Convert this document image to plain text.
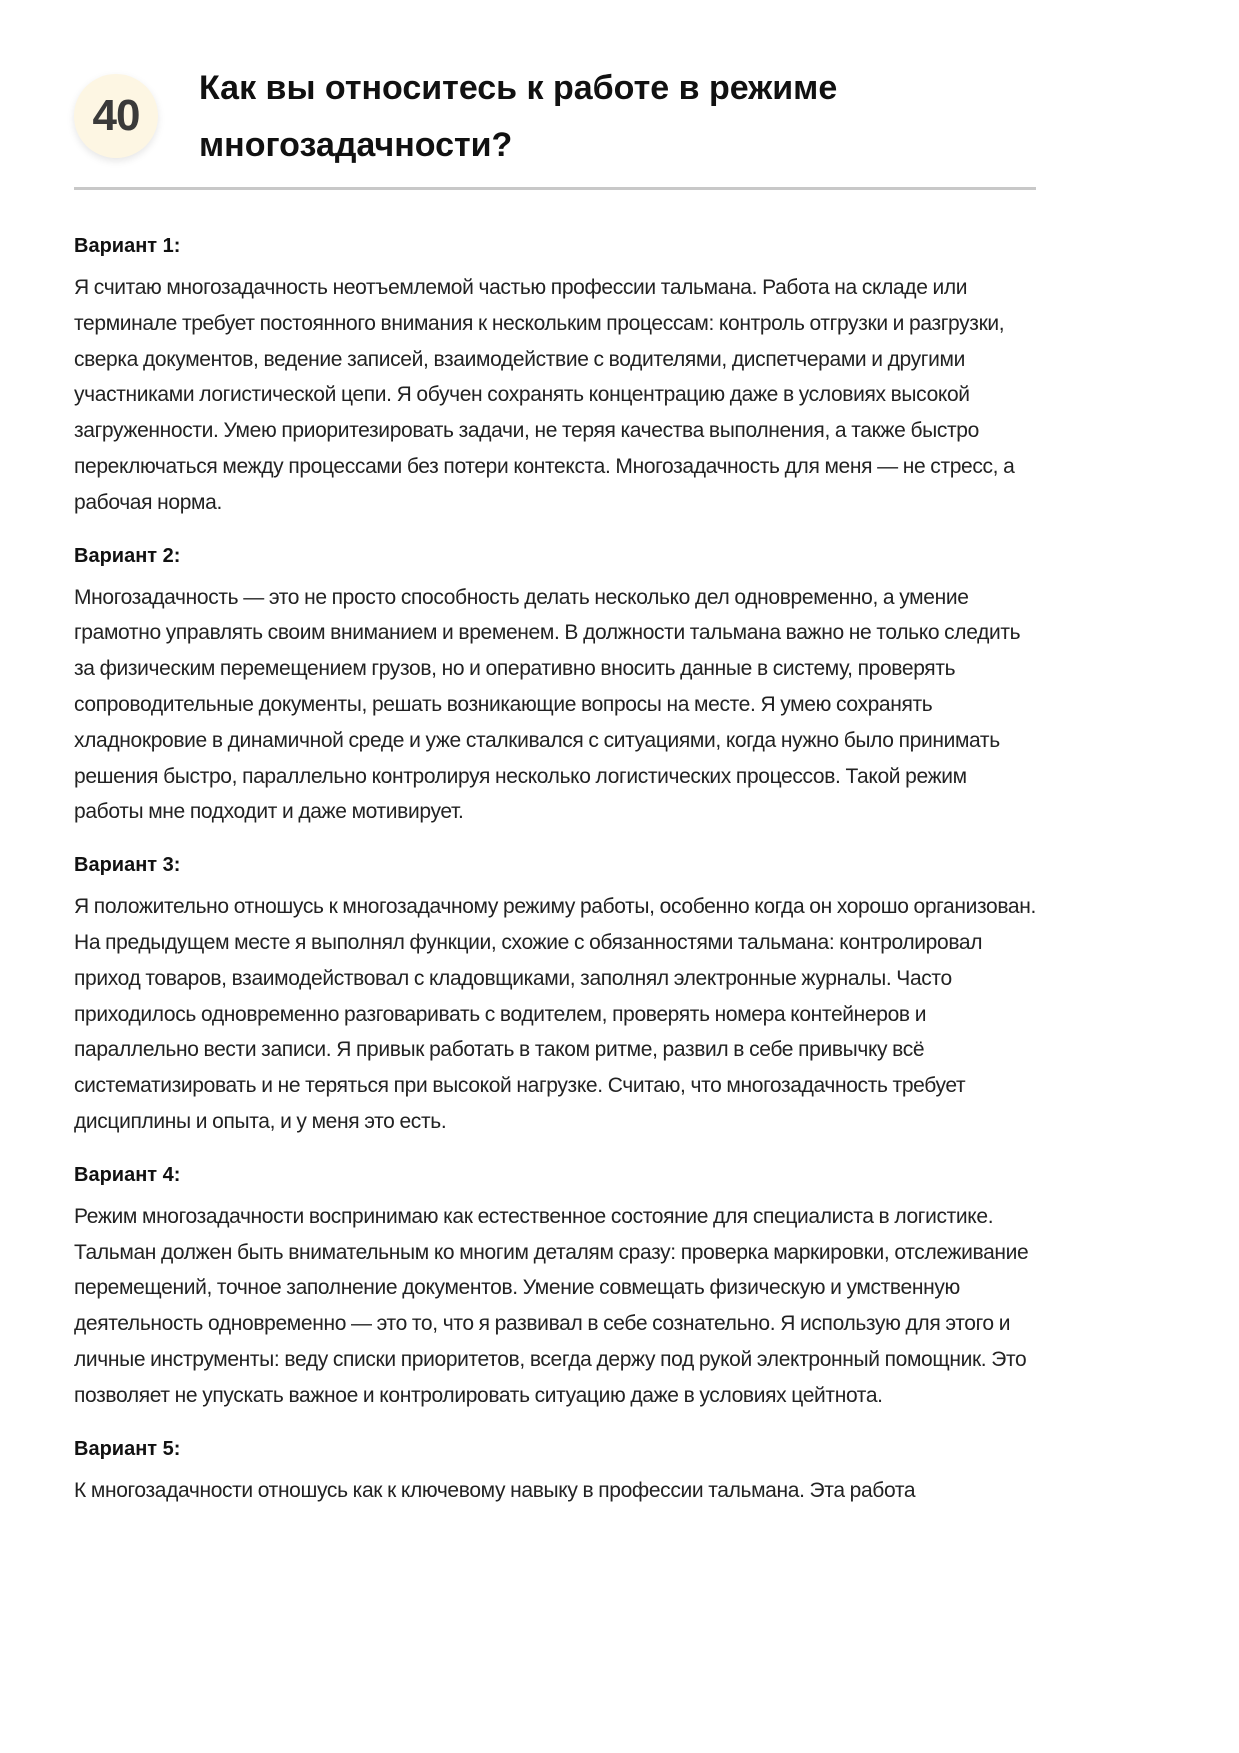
40
Как вы относитесь к работе в режиме многозадачности?

Вариант 1:

Я считаю многозадачность неотъемлемой частью профессии тальмана. Работа на складе или терминале требует постоянного внимания к нескольким процессам: контроль отгрузки и разгрузки, сверка документов, ведение записей, взаимодействие с водителями, диспетчерами и другими участниками логистической цепи. Я обучен сохранять концентрацию даже в условиях высокой загруженности. Умею приоритезировать задачи, не теряя качества выполнения, а также быстро переключаться между процессами без потери контекста. Многозадачность для меня — не стресс, а рабочая норма.

Вариант 2:

Многозадачность — это не просто способность делать несколько дел одновременно, а умение грамотно управлять своим вниманием и временем. В должности тальмана важно не только следить за физическим перемещением грузов, но и оперативно вносить данные в систему, проверять сопроводительные документы, решать возникающие вопросы на месте. Я умею сохранять хладнокровие в динамичной среде и уже сталкивался с ситуациями, когда нужно было принимать решения быстро, параллельно контролируя несколько логистических процессов. Такой режим работы мне подходит и даже мотивирует.

Вариант 3:

Я положительно отношусь к многозадачному режиму работы, особенно когда он хорошо организован. На предыдущем месте я выполнял функции, схожие с обязанностями тальмана: контролировал приход товаров, взаимодействовал с кладовщиками, заполнял электронные журналы. Часто приходилось одновременно разговаривать с водителем, проверять номера контейнеров и параллельно вести записи. Я привык работать в таком ритме, развил в себе привычку всё систематизировать и не теряться при высокой нагрузке. Считаю, что многозадачность требует дисциплины и опыта, и у меня это есть.

Вариант 4:

Режим многозадачности воспринимаю как естественное состояние для специалиста в логистике. Тальман должен быть внимательным ко многим деталям сразу: проверка маркировки, отслеживание перемещений, точное заполнение документов. Умение совмещать физическую и умственную деятельность одновременно — это то, что я развивал в себе сознательно. Я использую для этого и личные инструменты: веду списки приоритетов, всегда держу под рукой электронный помощник. Это позволяет не упускать важное и контролировать ситуацию даже в условиях цейтнота.

Вариант 5:

К многозадачности отношусь как к ключевому навыку в профессии тальмана. Эта работа
